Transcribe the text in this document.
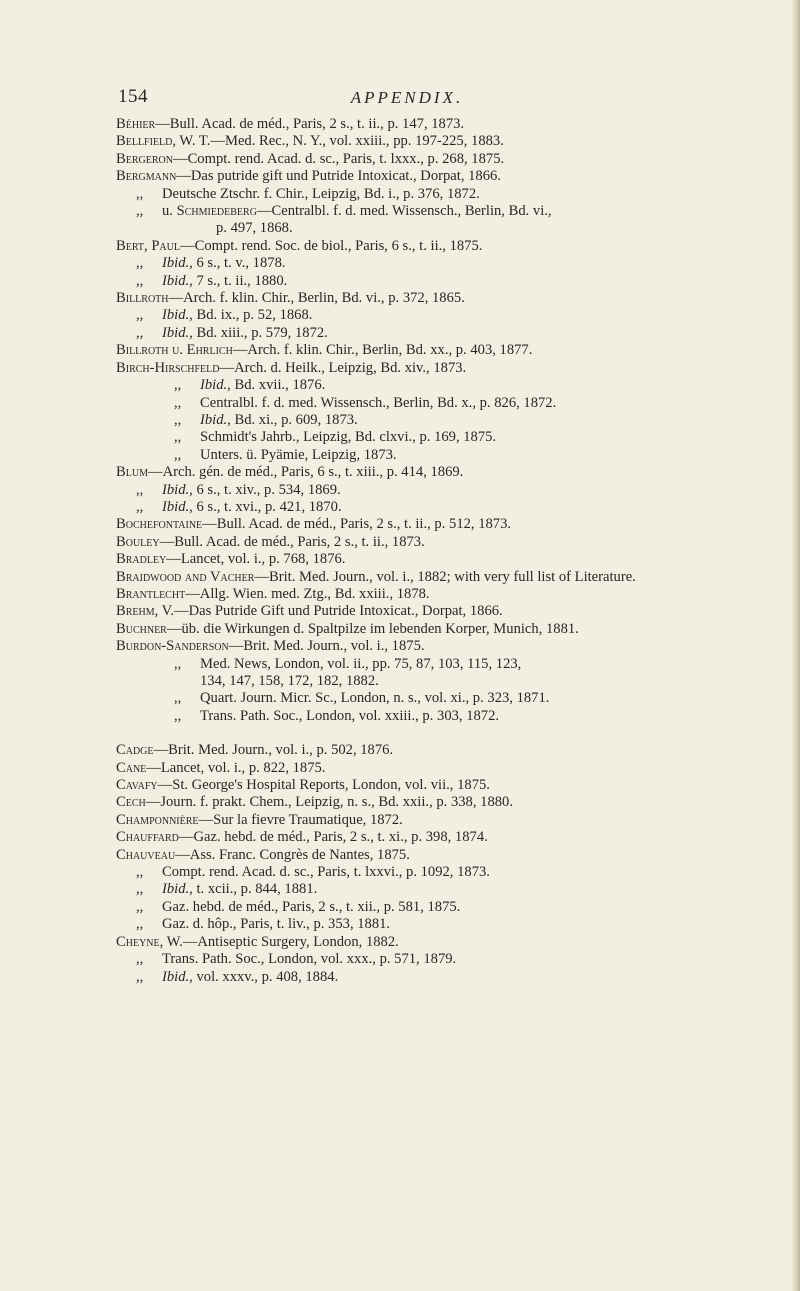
154	APPENDIX.
Béhier—Bull. Acad. de méd., Paris, 2 s., t. ii., p. 147, 1873.
Bellfield, W. T.—Med. Rec., N. Y., vol. xxiii., pp. 197-225, 1883.
Bergeron—Compt. rend. Acad. d. sc., Paris, t. lxxx., p. 268, 1875.
Bergmann—Das putride gift und Putride Intoxicat., Dorpat, 1866.
,, Deutsche Ztschr. f. Chir., Leipzig, Bd. i., p. 376, 1872.
,, u. Schmiedeberg—Centralbl. f. d. med. Wissensch., Berlin, Bd. vi.,
p. 497, 1868.
Bert, Paul—Compt. rend. Soc. de biol., Paris, 6 s., t. ii., 1875.
,, Ibid., 6 s., t. v., 1878.
,, Ibid., 7 s., t. ii., 1880.
Billroth—Arch. f. klin. Chir., Berlin, Bd. vi., p. 372, 1865.
,, Ibid., Bd. ix., p. 52, 1868.
,, Ibid., Bd. xiii., p. 579, 1872.
Billroth u. Ehrlich—Arch. f. klin. Chir., Berlin, Bd. xx., p. 403, 1877.
Birch-Hirschfeld—Arch. d. Heilk., Leipzig, Bd. xiv., 1873.
,, Ibid., Bd. xvii., 1876.
,, Centralbl. f. d. med. Wissensch., Berlin, Bd. x., p. 826, 1872.
,, Ibid., Bd. xi., p. 609, 1873.
,, Schmidt's Jahrb., Leipzig, Bd. clxvi., p. 169, 1875.
,, Unters. ü. Pyämie, Leipzig, 1873.
Blum—Arch. gén. de méd., Paris, 6 s., t. xiii., p. 414, 1869.
,, Ibid., 6 s., t. xiv., p. 534, 1869.
,, Ibid., 6 s., t. xvi., p. 421, 1870.
Bochefontaine—Bull. Acad. de méd., Paris, 2 s., t. ii., p. 512, 1873.
Bouley—Bull. Acad. de méd., Paris, 2 s., t. ii., 1873.
Bradley—Lancet, vol. i., p. 768, 1876.
Braidwood and Vacher—Brit. Med. Journ., vol. i., 1882; with very full list of Literature.
Brantlecht—Allg. Wien. med. Ztg., Bd. xxiii., 1878.
Brehm, V.—Das Putride Gift und Putride Intoxicat., Dorpat, 1866.
Buchner—üb. die Wirkungen d. Spaltpilze im lebenden Korper, Munich, 1881.
Burdon-Sanderson—Brit. Med. Journ., vol. i., 1875.
,, Med. News, London, vol. ii., pp. 75, 87, 103, 115, 123,
134, 147, 158, 172, 182, 1882.
,, Quart. Journ. Micr. Sc., London, n. s., vol. xi., p. 323, 1871.
,, Trans. Path. Soc., London, vol. xxiii., p. 303, 1872.
Cadge—Brit. Med. Journ., vol. i., p. 502, 1876.
Cane—Lancet, vol. i., p. 822, 1875.
Cavafy—St. George's Hospital Reports, London, vol. vii., 1875.
Cech—Journ. f. prakt. Chem., Leipzig, n. s., Bd. xxii., p. 338, 1880.
Champonnière—Sur la fievre Traumatique, 1872.
Chauffard—Gaz. hebd. de méd., Paris, 2 s., t. xi., p. 398, 1874.
Chauveau—Ass. Franc. Congrès de Nantes, 1875.
,, Compt. rend. Acad. d. sc., Paris, t. lxxvi., p. 1092, 1873.
,, Ibid., t. xcii., p. 844, 1881.
,, Gaz. hebd. de méd., Paris, 2 s., t. xii., p. 581, 1875.
,, Gaz. d. hôp., Paris, t. liv., p. 353, 1881.
Cheyne, W.—Antiseptic Surgery, London, 1882.
,, Trans. Path. Soc., London, vol. xxx., p. 571, 1879.
,, Ibid., vol. xxxv., p. 408, 1884.
